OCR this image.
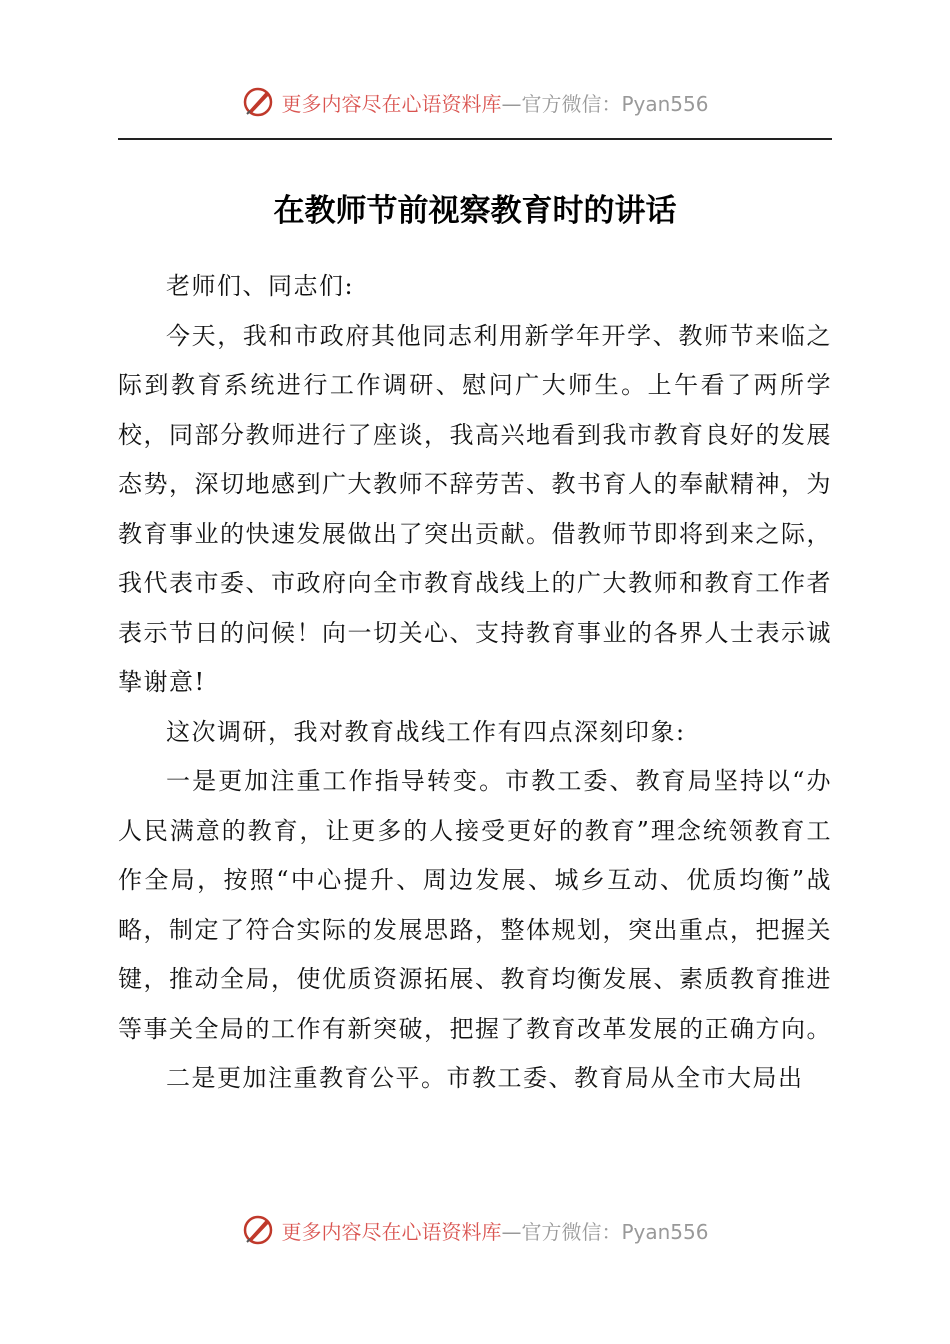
更多内容尽在心语资料库—官方微信：Pyan556
在教师节前视察教育时的讲话

老师们、同志们:

今天，我和市政府其他同志利用新学年开学、教师节来临之际到教育系统进行工作调研、慰问广大师生。上午看了两所学校，同部分教师进行了座谈，我高兴地看到我市教育良好的发展态势，深切地感到广大教师不辞劳苦、教书育人的奉献精神，为教育事业的快速发展做出了突出贡献。借教师节即将到来之际，我代表市委、市政府向全市教育战线上的广大教师和教育工作者表示节日的问候！向一切关心、支持教育事业的各界人士表示诚挚谢意!

这次调研，我对教育战线工作有四点深刻印象:

一是更加注重工作指导转变。市教工委、教育局坚持以“办人民满意的教育，让更多的人接受更好的教育”理念统领教育工作全局，按照“中心提升、周边发展、城乡互动、优质均衡”战略，制定了符合实际的发展思路，整体规划，突出重点，把握关键，推动全局，使优质资源拓展、教育均衡发展、素质教育推进等事关全局的工作有新突破，把握了教育改革发展的正确方向。

二是更加注重教育公平。市教工委、教育局从全市大局出

更多内容尽在心语资料库—官方微信：Pyan556
